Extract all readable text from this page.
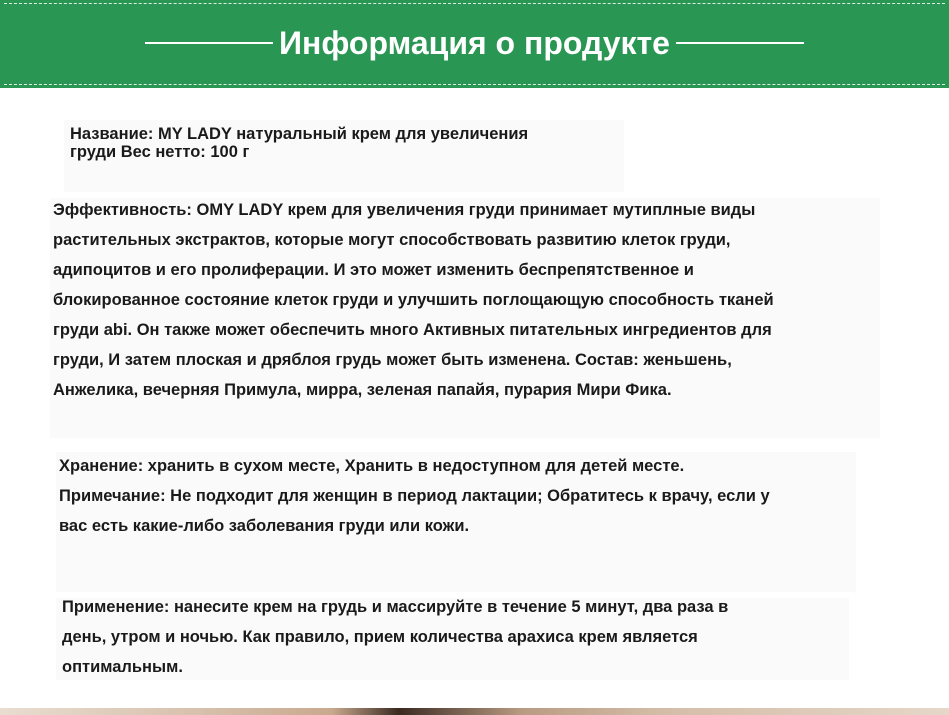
Информация о продукте
Название: MY LADY натуральный крем для увеличения
груди Вес нетто: 100 г
Эффективность: OMY LADY крем для увеличения груди принимает мутиплные виды
растительных экстрактов, которые могут способствовать развитию клеток груди,
адипоцитов и его пролиферации. И это может изменить беспрепятственное и
блокированное состояние клеток груди и улучшить поглощающую способность тканей
груди abi. Он также может обеспечить много Активных питательных ингредиентов для
груди, И затем плоская и дряблоя грудь может быть изменена. Состав: женьшень,
Анжелика, вечерняя Примула, мирра, зеленая папайя, пурария Мири Фика.
Хранение: хранить в сухом месте, Хранить в недоступном для детей месте.
Примечание: Не подходит для женщин в период лактации; Обратитесь к врачу, если у
вас есть какие-либо заболевания груди или кожи.
Применение: нанесите крем на грудь и массируйте в течение 5 минут, два раза в
день, утром и ночью. Как правило, прием количества арахиса крем является
оптимальным.
